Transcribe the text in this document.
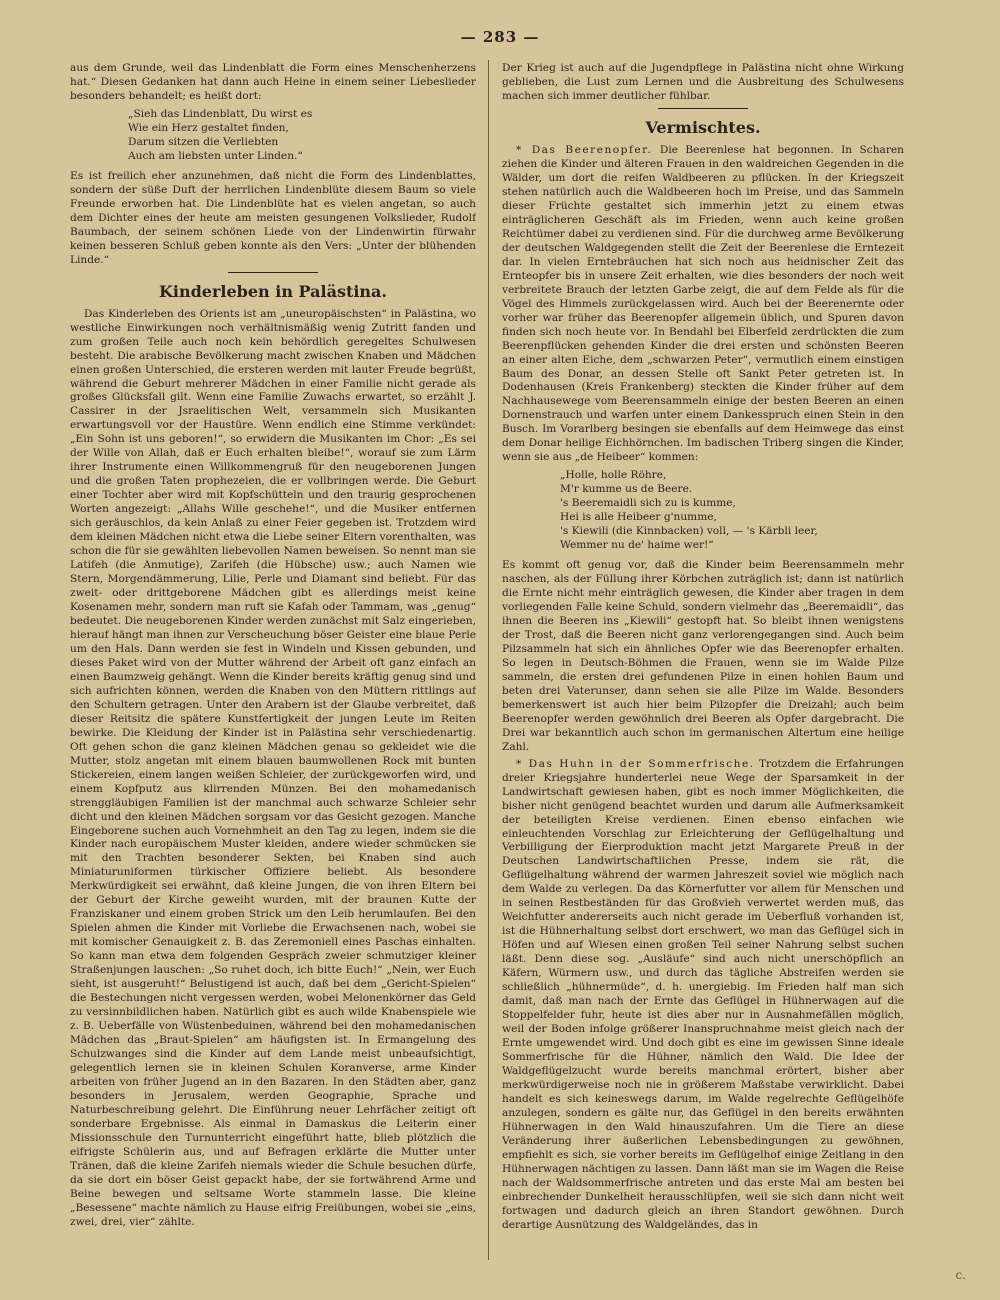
— 283 —

aus dem Grunde, weil das Lindenblatt die Form eines Menschenherzens hat.“ Diesen Gedanken hat dann auch Heine in einem seiner Liebeslieder besonders behandelt; es heißt dort:

„Sieh das Lindenblatt, Du wirst es
Wie ein Herz gestaltet finden,
Darum sitzen die Verliebten
Auch am liebsten unter Linden.“

Es ist freilich eher anzunehmen, daß nicht die Form des Lindenblattes, sondern der süße Duft der herrlichen Lindenblüte diesem Baum so viele Freunde erworben hat. Die Lindenblüte hat es vielen angetan, so auch dem Dichter eines der heute am meisten gesungenen Volkslieder, Rudolf Baumbach, der seinem schönen Liede von der Lindenwirtin fürwahr keinen besseren Schluß geben konnte als den Vers: „Unter der blühenden Linde.“

Kinderleben in Palästina.

Das Kinderleben des Orients ist am „uneuropäischsten“ in Palästina, wo westliche Einwirkungen noch verhältnismäßig wenig Zutritt fanden und zum großen Teile auch noch kein behördlich geregeltes Schulwesen besteht. Die arabische Bevölkerung macht zwischen Knaben und Mädchen einen großen Unterschied, die ersteren werden mit lauter Freude begrüßt, während die Geburt mehrerer Mädchen in einer Familie nicht gerade als großes Glücksfall gilt. Wenn eine Familie Zuwachs erwartet, so erzählt J. Cassirer in der Jsraelitischen Welt, versammeln sich Musikanten erwartungsvoll vor der Haustüre. Wenn endlich eine Stimme verkündet: „Ein Sohn ist uns geboren!“, so erwidern die Musikanten im Chor: „Es sei der Wille von Allah, daß er Euch erhalten bleibe!“, worauf sie zum Lärm ihrer Instrumente einen Willkommengruß für den neugeborenen Jungen und die großen Taten prophezeien, die er vollbringen werde. Die Geburt einer Tochter aber wird mit Kopfschütteln und den traurig gesprochenen Worten angezeigt: „Allahs Wille geschehe!“, und die Musiker entfernen sich geräuschlos, da kein Anlaß zu einer Feier gegeben ist. Trotzdem wird dem kleinen Mädchen nicht etwa die Liebe seiner Eltern vorenthalten, was schon die für sie gewählten liebevollen Namen beweisen. So nennt man sie Latifeh (die Anmutige), Zarifeh (die Hübsche) usw.; auch Namen wie Stern, Morgendämmerung, Lilie, Perle und Diamant sind beliebt. Für das zweit- oder drittgeborene Mädchen gibt es allerdings meist keine Kosenamen mehr, sondern man ruft sie Kafah oder Tammam, was „genug“ bedeutet. Die neugeborenen Kinder werden zunächst mit Salz eingerieben, hierauf hängt man ihnen zur Verscheuchung böser Geister eine blaue Perle um den Hals. Dann werden sie fest in Windeln und Kissen gebunden, und dieses Paket wird von der Mutter während der Arbeit oft ganz einfach an einen Baumzweig gehängt. Wenn die Kinder bereits kräftig genug sind und sich aufrichten können, werden die Knaben von den Müttern rittlings auf den Schultern getragen. Unter den Arabern ist der Glaube verbreitet, daß dieser Reitsitz die spätere Kunstfertigkeit der jungen Leute im Reiten bewirke. Die Kleidung der Kinder ist in Palästina sehr verschiedenartig. Oft gehen schon die ganz kleinen Mädchen genau so gekleidet wie die Mutter, stolz angetan mit einem blauen baumwollenen Rock mit bunten Stickereien, einem langen weißen Schleier, der zurückgeworfen wird, und einem Kopfputz aus klirrenden Münzen. Bei den mohamedanisch strenggläubigen Familien ist der manchmal auch schwarze Schleier sehr dicht und den kleinen Mädchen sorgsam vor das Gesicht gezogen. Manche Eingeborene suchen auch Vornehmheit an den Tag zu legen, indem sie die Kinder nach europäischem Muster kleiden, andere wieder schmücken sie mit den Trachten besonderer Sekten, bei Knaben sind auch Miniaturuniformen türkischer Offiziere beliebt. Als besondere Merkwürdigkeit sei erwähnt, daß kleine Jungen, die von ihren Eltern bei der Geburt der Kirche geweiht wurden, mit der braunen Kutte der Franziskaner und einem groben Strick um den Leib herumlaufen. Bei den Spielen ahmen die Kinder mit Vorliebe die Erwachsenen nach, wobei sie mit komischer Genauigkeit z. B. das Zeremoniell eines Paschas einhalten. So kann man etwa dem folgenden Gespräch zweier schmutziger kleiner Straßenjungen lauschen: „So ruhet doch, ich bitte Euch!“ „Nein, wer Euch sieht, ist ausgeruht!“ Belustigend ist auch, daß bei dem „Gericht-Spielen“ die Bestechungen nicht vergessen werden, wobei Melonenkörner das Geld zu versinnbildlichen haben. Natürlich gibt es auch wilde Knabenspiele wie z. B. Ueberfälle von Wüstenbeduinen, während bei den mohamedanischen Mädchen das „Braut-Spielen“ am häufigsten ist. In Ermangelung des Schulzwanges sind die Kinder auf dem Lande meist unbeaufsichtigt, gelegentlich lernen sie in kleinen Schulen Koranverse, arme Kinder arbeiten von früher Jugend an in den Bazaren. In den Städten aber, ganz besonders in Jerusalem, werden Geographie, Sprache und Naturbeschreibung gelehrt. Die Einführung neuer Lehrfächer zeitigt oft sonderbare Ergebnisse. Als einmal in Damaskus die Leiterin einer Missionsschule den Turnunterricht eingeführt hatte, blieb plötzlich die eifrigste Schülerin aus, und auf Befragen erklärte die Mutter unter Tränen, daß die kleine Zarifeh niemals wieder die Schule besuchen dürfe, da sie dort ein böser Geist gepackt habe, der sie fortwährend Arme und Beine bewegen und seltsame Worte stammeln lasse. Die kleine „Besessene“ machte nämlich zu Hause eifrig Freiübungen, wobei sie „eins, zwei, drei, vier“ zählte.

Der Krieg ist auch auf die Jugendpflege in Palästina nicht ohne Wirkung geblieben, die Lust zum Lernen und die Ausbreitung des Schulwesens machen sich immer deutlicher fühlbar.

Vermischtes.

* Das Beerenopfer. Die Beerenlese hat begonnen. In Scharen ziehen die Kinder und älteren Frauen in den waldreichen Gegenden in die Wälder, um dort die reifen Waldbeeren zu pflücken. In der Kriegszeit stehen natürlich auch die Waldbeeren hoch im Preise, und das Sammeln dieser Früchte gestaltet sich immerhin jetzt zu einem etwas einträglicheren Geschäft als im Frieden, wenn auch keine großen Reichtümer dabei zu verdienen sind. Für die durchweg arme Bevölkerung der deutschen Waldgegenden stellt die Zeit der Beerenlese die Erntezeit dar. In vielen Erntebräuchen hat sich noch aus heidnischer Zeit das Ernteopfer bis in unsere Zeit erhalten, wie dies besonders der noch weit verbreitete Brauch der letzten Garbe zeigt, die auf dem Felde als für die Vögel des Himmels zurückgelassen wird. Auch bei der Beerenernte oder vorher war früher das Beerenopfer allgemein üblich, und Spuren davon finden sich noch heute vor. In Bendahl bei Elberfeld zerdrückten die zum Beerenpflücken gehenden Kinder die drei ersten und schönsten Beeren an einer alten Eiche, dem „schwarzen Peter“, vermutlich einem einstigen Baum des Donar, an dessen Stelle oft Sankt Peter getreten ist. In Dodenhausen (Kreis Frankenberg) steckten die Kinder früher auf dem Nachhausewege vom Beerensammeln einige der besten Beeren an einen Dornenstrauch und warfen unter einem Dankesspruch einen Stein in den Busch. Im Vorarlberg besingen sie ebenfalls auf dem Heimwege das einst dem Donar heilige Eichhörnchen. Im badischen Triberg singen die Kinder, wenn sie aus „de Heibeer“ kommen:

„Holle, holle Röhre,
M'r kumme us de Beere.
's Beeremaidli sich zu is kumme,
Hei is alle Heibeer g'numme,
's Kiewili (die Kinnbacken) voll, — 's Kärbli leer,
Wemmer nu de' haime wer!“

Es kommt oft genug vor, daß die Kinder beim Beerensammeln mehr naschen, als der Füllung ihrer Körbchen zuträglich ist; dann ist natürlich die Ernte nicht mehr einträglich gewesen, die Kinder aber tragen in dem vorliegenden Falle keine Schuld, sondern vielmehr das „Beeremaidli“, das ihnen die Beeren ins „Kiewili“ gestopft hat. So bleibt ihnen wenigstens der Trost, daß die Beeren nicht ganz verlorengegangen sind. Auch beim Pilzsammeln hat sich ein ähnliches Opfer wie das Beerenopfer erhalten. So legen in Deutsch-Böhmen die Frauen, wenn sie im Walde Pilze sammeln, die ersten drei gefundenen Pilze in einen hohlen Baum und beten drei Vaterunser, dann sehen sie alle Pilze im Walde. Besonders bemerkenswert ist auch hier beim Pilzopfer die Dreizahl; auch beim Beerenopfer werden gewöhnlich drei Beeren als Opfer dargebracht. Die Drei war bekanntlich auch schon im germanischen Altertum eine heilige Zahl.

* Das Huhn in der Sommerfrische. Trotzdem die Erfahrungen dreier Kriegsjahre hunderterlei neue Wege der Sparsamkeit in der Landwirtschaft gewiesen haben, gibt es noch immer Möglichkeiten, die bisher nicht genügend beachtet wurden und darum alle Aufmerksamkeit der beteiligten Kreise verdienen. Einen ebenso einfachen wie einleuchtenden Vorschlag zur Erleichterung der Geflügelhaltung und Verbilligung der Eierproduktion macht jetzt Margarete Preuß in der Deutschen Landwirtschaftlichen Presse, indem sie rät, die Geflügelhaltung während der warmen Jahreszeit soviel wie möglich nach dem Walde zu verlegen. Da das Körnerfutter vor allem für Menschen und in seinen Restbeständen für das Großvieh verwertet werden muß, das Weichfutter andererseits auch nicht gerade im Ueberfluß vorhanden ist, ist die Hühnerhaltung selbst dort erschwert, wo man das Geflügel sich in Höfen und auf Wiesen einen großen Teil seiner Nahrung selbst suchen läßt. Denn diese sog. „Ausläufe“ sind auch nicht unerschöpflich an Käfern, Würmern usw., und durch das tägliche Abstreifen werden sie schließlich „hühnermüde“, d. h. unergiebig. Im Frieden half man sich damit, daß man nach der Ernte das Geflügel in Hühnerwagen auf die Stoppelfelder fuhr, heute ist dies aber nur in Ausnahmefällen möglich, weil der Boden infolge größerer Inanspruchnahme meist gleich nach der Ernte umgewendet wird. Und doch gibt es eine im gewissen Sinne ideale Sommerfrische für die Hühner, nämlich den Wald. Die Idee der Waldgeflügelzucht wurde bereits manchmal erörtert, bisher aber merkwürdigerweise noch nie in größerem Maßstabe verwirklicht. Dabei handelt es sich keineswegs darum, im Walde regelrechte Geflügelhöfe anzulegen, sondern es gälte nur, das Geflügel in den bereits erwähnten Hühnerwagen in den Wald hinauszufahren. Um die Tiere an diese Veränderung ihrer äußerlichen Lebensbedingungen zu gewöhnen, empfiehlt es sich, sie vorher bereits im Geflügelhof einige Zeitlang in den Hühnerwagen nächtigen zu lassen. Dann läßt man sie im Wagen die Reise nach der Waldsommerfrische antreten und das erste Mal am besten bei einbrechender Dunkelheit herausschlüpfen, weil sie sich dann nicht weit fortwagen und dadurch gleich an ihren Standort gewöhnen. Durch derartige Ausnützung des Waldgeländes, das in

c.
